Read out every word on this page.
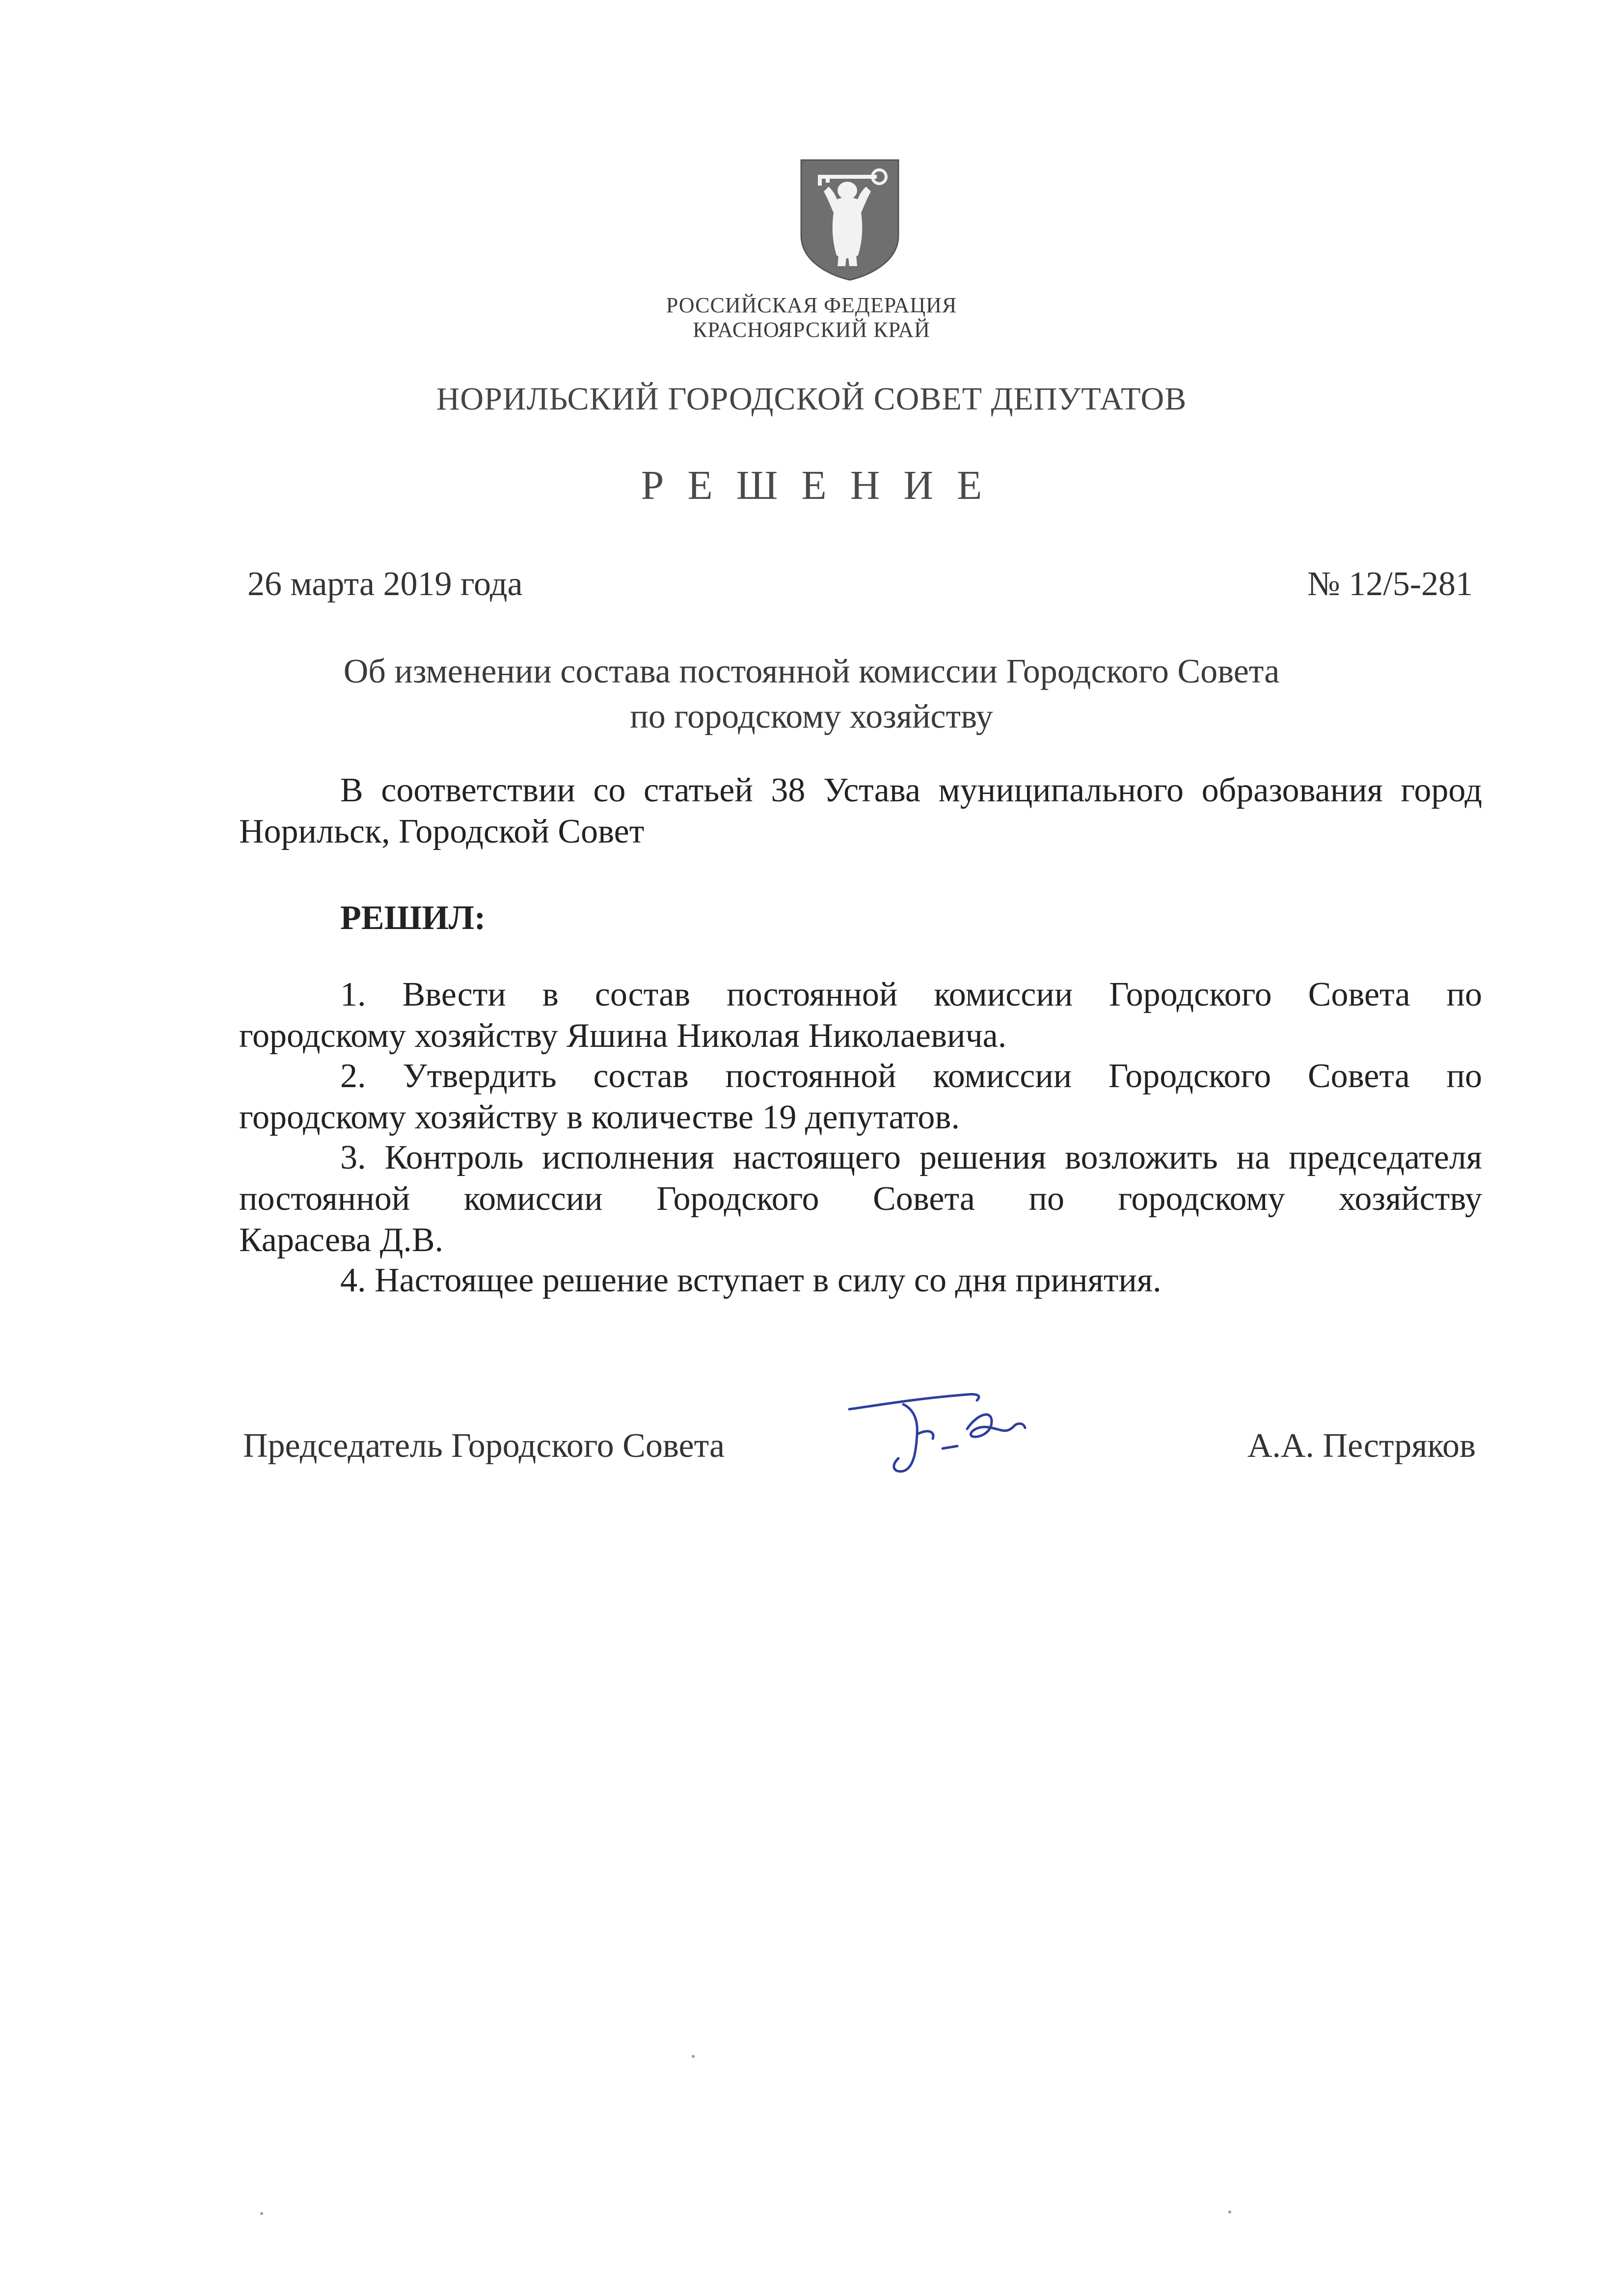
РОССИЙСКАЯ ФЕДЕРАЦИЯ
КРАСНОЯРСКИЙ КРАЙ
НОРИЛЬСКИЙ ГОРОДСКОЙ СОВЕТ ДЕПУТАТОВ
РЕШЕНИЕ
26 марта 2019 года	№ 12/5-281
Об изменении состава постоянной комиссии Городского Совета
по городскому хозяйству
В соответствии со статьей 38 Устава муниципального образования город
Норильск, Городской Совет
РЕШИЛ:
1. Ввести в состав постоянной комиссии Городского Совета по
городскому хозяйству Яшина Николая Николаевича.
2. Утвердить состав постоянной комиссии Городского Совета по
городскому хозяйству в количестве 19 депутатов.
3. Контроль исполнения настоящего решения возложить на председателя
постоянной комиссии Городского Совета по городскому хозяйству
Карасева Д.В.
4. Настоящее решение вступает в силу со дня принятия.
Председатель Городского Совета	А.А. Пестряков
